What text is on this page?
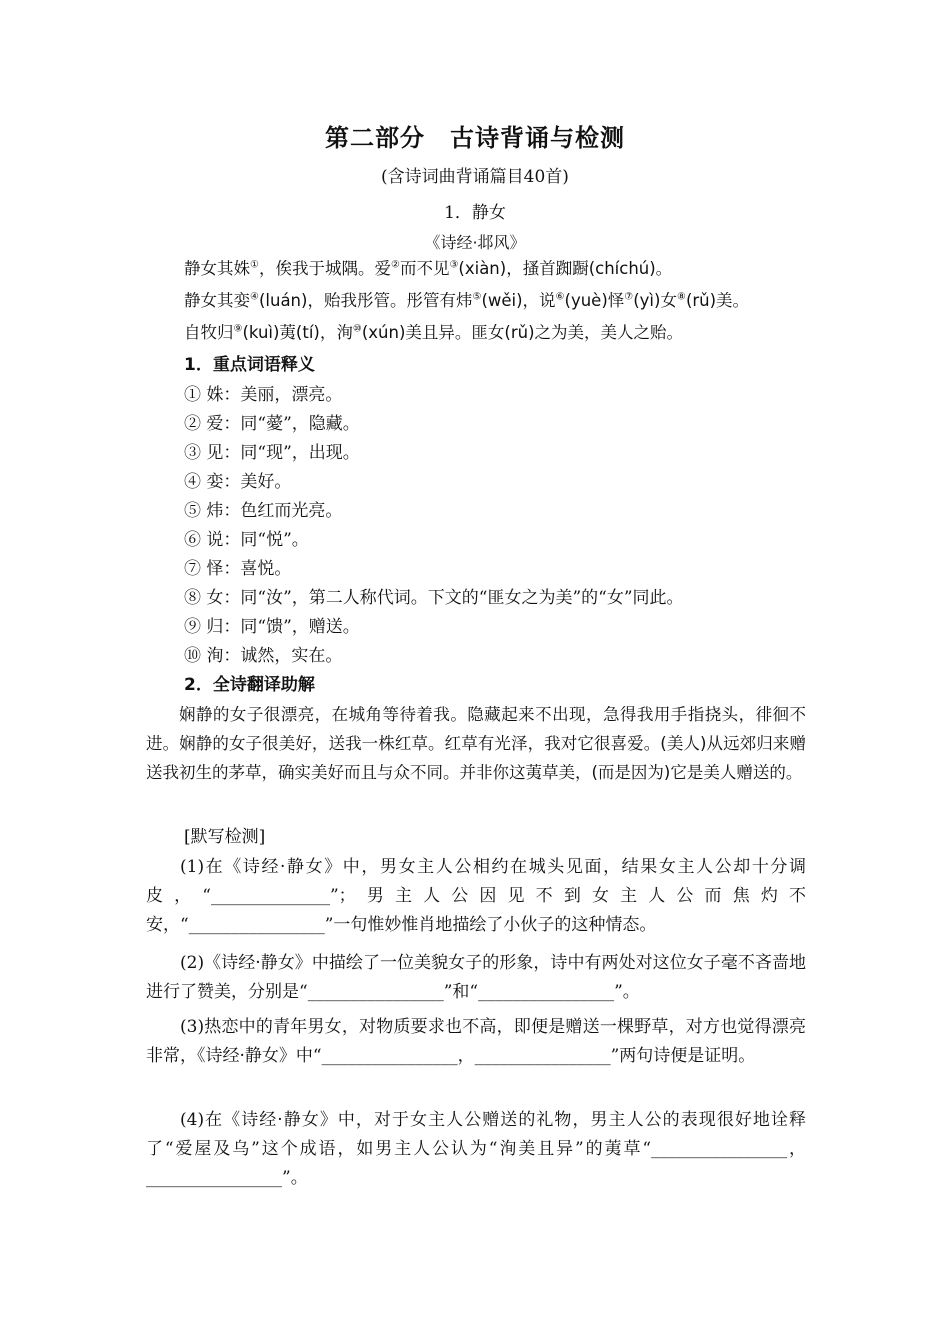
第二部分　古诗背诵与检测
(含诗词曲背诵篇目40首)
1．静女
《诗经·邶风》
静女其姝①，俟我于城隅。爱②而不见③(xiàn)，搔首踟蹰(chíchú)。
静女其娈④(luán)，贻我彤管。彤管有炜⑤(wěi)，说⑥(yuè)怿⑦(yì)女⑧(rǔ)美。
自牧归⑨(kuì)荑(tí)，洵⑩(xún)美且异。匪女(rǔ)之为美，美人之贻。
1．重点词语释义
① 姝：美丽，漂亮。
② 爱：同“薆”，隐藏。
③ 见：同“现”，出现。
④ 娈：美好。
⑤ 炜：色红而光亮。
⑥ 说：同“悦”。
⑦ 怿：喜悦。
⑧ 女：同“汝”，第二人称代词。下文的“匪女之为美”的“女”同此。
⑨ 归：同“馈”，赠送。
⑩ 洵：诚然，实在。
2．全诗翻译助解
娴静的女子很漂亮，在城角等待着我。隐藏起来不出现，急得我用手指挠头，徘徊不进。娴静的女子很美好，送我一株红草。红草有光泽，我对它很喜爱。(美人)从远郊归来赠送我初生的茅草，确实美好而且与众不同。并非你这荑草美，(而是因为)它是美人赠送的。
[默写检测]
(1)在《诗经·静女》中，男女主人公相约在城头见面，结果女主人公却十分调皮，“______________”；男主人公因见不到女主人公而焦灼不安，“________________”一句惟妙惟肖地描绘了小伙子的这种情态。
(2)《诗经·静女》中描绘了一位美貌女子的形象，诗中有两处对这位女子毫不吝啬地进行了赞美，分别是“________________”和“________________”。
(3)热恋中的青年男女，对物质要求也不高，即便是赠送一棵野草，对方也觉得漂亮非常，《诗经·静女》中“________________，________________”两句诗便是证明。
(4)在《诗经·静女》中，对于女主人公赠送的礼物，男主人公的表现很好地诠释了“爱屋及乌”这个成语，如男主人公认为“洵美且异”的荑草“________________，________________”。
